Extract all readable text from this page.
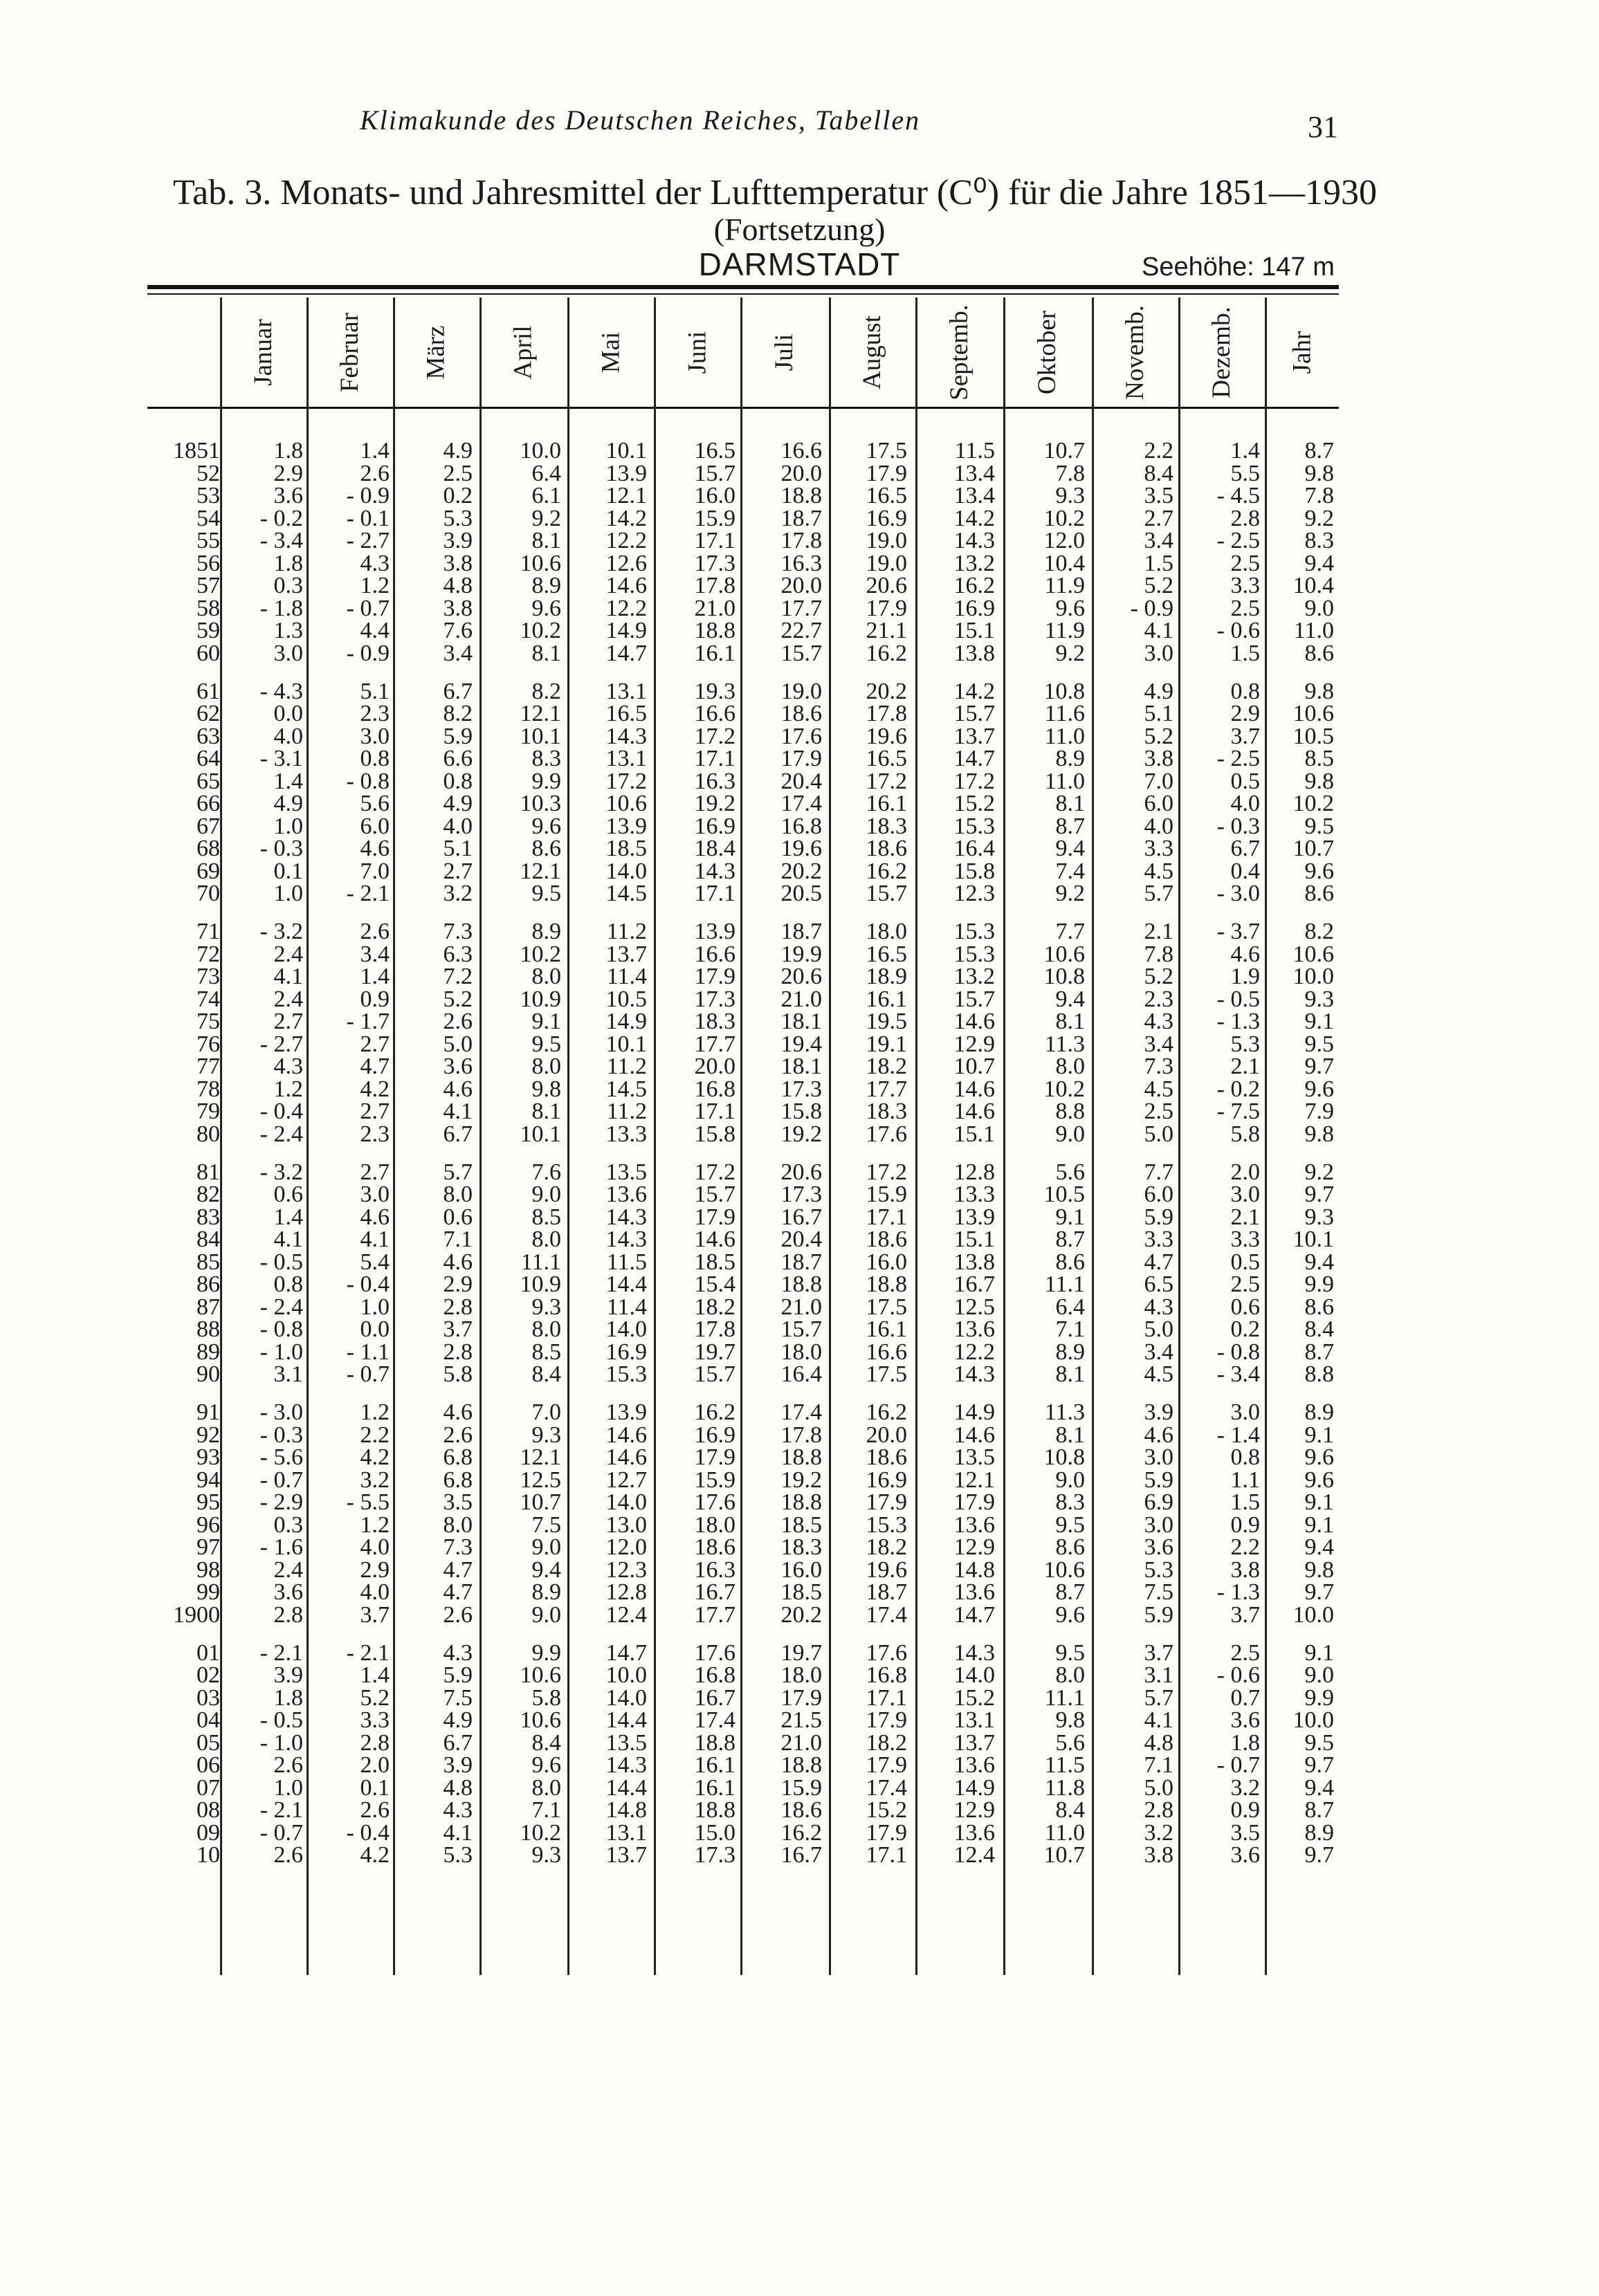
Klimakunde des Deutschen Reiches, Tabellen	31
Tab. 3. Monats- und Jahresmittel der Lufttemperatur (C⁰) für die Jahre 1851—1930
(Fortsetzung)
DARMSTADT	Seehöhe: 147 m
Januar Februar März April Mai Juni Juli August Septemb. Oktober Novemb. Dezemb. Jahr
1851	1.8	1.4	4.9	10.0	10.1	16.5	16.6	17.5	11.5	10.7	2.2	1.4	8.7
52	2.9	2.6	2.5	6.4	13.9	15.7	20.0	17.9	13.4	7.8	8.4	5.5	9.8
53	3.6	- 0.9	0.2	6.1	12.1	16.0	18.8	16.5	13.4	9.3	3.5	- 4.5	7.8
54	- 0.2	- 0.1	5.3	9.2	14.2	15.9	18.7	16.9	14.2	10.2	2.7	2.8	9.2
55	- 3.4	- 2.7	3.9	8.1	12.2	17.1	17.8	19.0	14.3	12.0	3.4	- 2.5	8.3
56	1.8	4.3	3.8	10.6	12.6	17.3	16.3	19.0	13.2	10.4	1.5	2.5	9.4
57	0.3	1.2	4.8	8.9	14.6	17.8	20.0	20.6	16.2	11.9	5.2	3.3	10.4
58	- 1.8	- 0.7	3.8	9.6	12.2	21.0	17.7	17.9	16.9	9.6	- 0.9	2.5	9.0
59	1.3	4.4	7.6	10.2	14.9	18.8	22.7	21.1	15.1	11.9	4.1	- 0.6	11.0
60	3.0	- 0.9	3.4	8.1	14.7	16.1	15.7	16.2	13.8	9.2	3.0	1.5	8.6
61	- 4.3	5.1	6.7	8.2	13.1	19.3	19.0	20.2	14.2	10.8	4.9	0.8	9.8
62	0.0	2.3	8.2	12.1	16.5	16.6	18.6	17.8	15.7	11.6	5.1	2.9	10.6
63	4.0	3.0	5.9	10.1	14.3	17.2	17.6	19.6	13.7	11.0	5.2	3.7	10.5
64	- 3.1	0.8	6.6	8.3	13.1	17.1	17.9	16.5	14.7	8.9	3.8	- 2.5	8.5
65	1.4	- 0.8	0.8	9.9	17.2	16.3	20.4	17.2	17.2	11.0	7.0	0.5	9.8
66	4.9	5.6	4.9	10.3	10.6	19.2	17.4	16.1	15.2	8.1	6.0	4.0	10.2
67	1.0	6.0	4.0	9.6	13.9	16.9	16.8	18.3	15.3	8.7	4.0	- 0.3	9.5
68	- 0.3	4.6	5.1	8.6	18.5	18.4	19.6	18.6	16.4	9.4	3.3	6.7	10.7
69	0.1	7.0	2.7	12.1	14.0	14.3	20.2	16.2	15.8	7.4	4.5	0.4	9.6
70	1.0	- 2.1	3.2	9.5	14.5	17.1	20.5	15.7	12.3	9.2	5.7	- 3.0	8.6
71	- 3.2	2.6	7.3	8.9	11.2	13.9	18.7	18.0	15.3	7.7	2.1	- 3.7	8.2
72	2.4	3.4	6.3	10.2	13.7	16.6	19.9	16.5	15.3	10.6	7.8	4.6	10.6
73	4.1	1.4	7.2	8.0	11.4	17.9	20.6	18.9	13.2	10.8	5.2	1.9	10.0
74	2.4	0.9	5.2	10.9	10.5	17.3	21.0	16.1	15.7	9.4	2.3	- 0.5	9.3
75	2.7	- 1.7	2.6	9.1	14.9	18.3	18.1	19.5	14.6	8.1	4.3	- 1.3	9.1
76	- 2.7	2.7	5.0	9.5	10.1	17.7	19.4	19.1	12.9	11.3	3.4	5.3	9.5
77	4.3	4.7	3.6	8.0	11.2	20.0	18.1	18.2	10.7	8.0	7.3	2.1	9.7
78	1.2	4.2	4.6	9.8	14.5	16.8	17.3	17.7	14.6	10.2	4.5	- 0.2	9.6
79	- 0.4	2.7	4.1	8.1	11.2	17.1	15.8	18.3	14.6	8.8	2.5	- 7.5	7.9
80	- 2.4	2.3	6.7	10.1	13.3	15.8	19.2	17.6	15.1	9.0	5.0	5.8	9.8
81	- 3.2	2.7	5.7	7.6	13.5	17.2	20.6	17.2	12.8	5.6	7.7	2.0	9.2
82	0.6	3.0	8.0	9.0	13.6	15.7	17.3	15.9	13.3	10.5	6.0	3.0	9.7
83	1.4	4.6	0.6	8.5	14.3	17.9	16.7	17.1	13.9	9.1	5.9	2.1	9.3
84	4.1	4.1	7.1	8.0	14.3	14.6	20.4	18.6	15.1	8.7	3.3	3.3	10.1
85	- 0.5	5.4	4.6	11.1	11.5	18.5	18.7	16.0	13.8	8.6	4.7	0.5	9.4
86	0.8	- 0.4	2.9	10.9	14.4	15.4	18.8	18.8	16.7	11.1	6.5	2.5	9.9
87	- 2.4	1.0	2.8	9.3	11.4	18.2	21.0	17.5	12.5	6.4	4.3	0.6	8.6
88	- 0.8	0.0	3.7	8.0	14.0	17.8	15.7	16.1	13.6	7.1	5.0	0.2	8.4
89	- 1.0	- 1.1	2.8	8.5	16.9	19.7	18.0	16.6	12.2	8.9	3.4	- 0.8	8.7
90	3.1	- 0.7	5.8	8.4	15.3	15.7	16.4	17.5	14.3	8.1	4.5	- 3.4	8.8
91	- 3.0	1.2	4.6	7.0	13.9	16.2	17.4	16.2	14.9	11.3	3.9	3.0	8.9
92	- 0.3	2.2	2.6	9.3	14.6	16.9	17.8	20.0	14.6	8.1	4.6	- 1.4	9.1
93	- 5.6	4.2	6.8	12.1	14.6	17.9	18.8	18.6	13.5	10.8	3.0	0.8	9.6
94	- 0.7	3.2	6.8	12.5	12.7	15.9	19.2	16.9	12.1	9.0	5.9	1.1	9.6
95	- 2.9	- 5.5	3.5	10.7	14.0	17.6	18.8	17.9	17.9	8.3	6.9	1.5	9.1
96	0.3	1.2	8.0	7.5	13.0	18.0	18.5	15.3	13.6	9.5	3.0	0.9	9.1
97	- 1.6	4.0	7.3	9.0	12.0	18.6	18.3	18.2	12.9	8.6	3.6	2.2	9.4
98	2.4	2.9	4.7	9.4	12.3	16.3	16.0	19.6	14.8	10.6	5.3	3.8	9.8
99	3.6	4.0	4.7	8.9	12.8	16.7	18.5	18.7	13.6	8.7	7.5	- 1.3	9.7
1900	2.8	3.7	2.6	9.0	12.4	17.7	20.2	17.4	14.7	9.6	5.9	3.7	10.0
01	- 2.1	- 2.1	4.3	9.9	14.7	17.6	19.7	17.6	14.3	9.5	3.7	2.5	9.1
02	3.9	1.4	5.9	10.6	10.0	16.8	18.0	16.8	14.0	8.0	3.1	- 0.6	9.0
03	1.8	5.2	7.5	5.8	14.0	16.7	17.9	17.1	15.2	11.1	5.7	0.7	9.9
04	- 0.5	3.3	4.9	10.6	14.4	17.4	21.5	17.9	13.1	9.8	4.1	3.6	10.0
05	- 1.0	2.8	6.7	8.4	13.5	18.8	21.0	18.2	13.7	5.6	4.8	1.8	9.5
06	2.6	2.0	3.9	9.6	14.3	16.1	18.8	17.9	13.6	11.5	7.1	- 0.7	9.7
07	1.0	0.1	4.8	8.0	14.4	16.1	15.9	17.4	14.9	11.8	5.0	3.2	9.4
08	- 2.1	2.6	4.3	7.1	14.8	18.8	18.6	15.2	12.9	8.4	2.8	0.9	8.7
09	- 0.7	- 0.4	4.1	10.2	13.1	15.0	16.2	17.9	13.6	11.0	3.2	3.5	8.9
10	2.6	4.2	5.3	9.3	13.7	17.3	16.7	17.1	12.4	10.7	3.8	3.6	9.7
